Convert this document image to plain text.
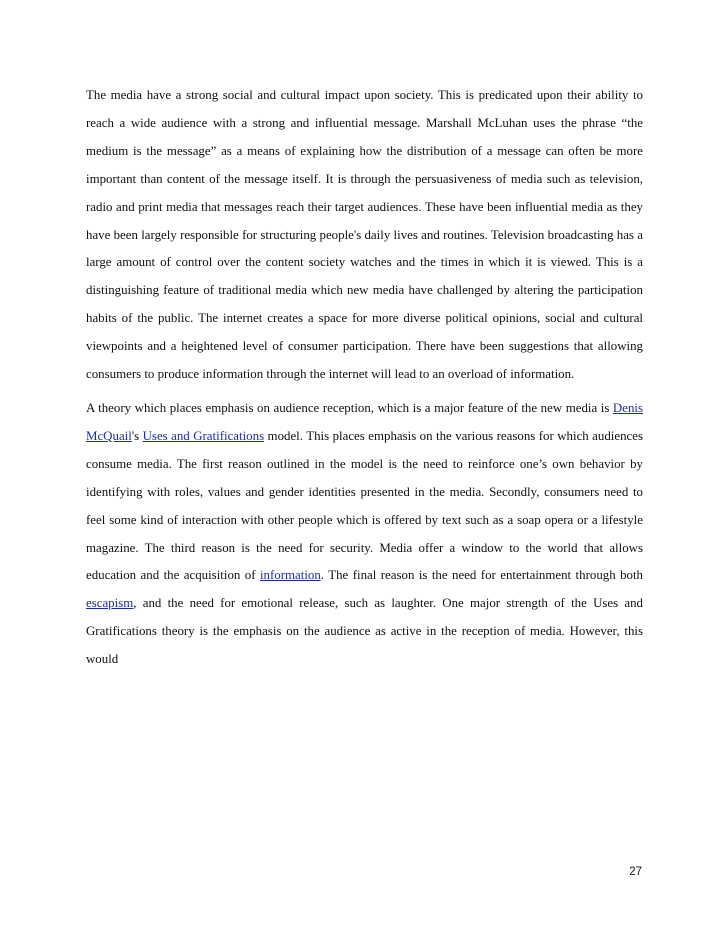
The media have a strong social and cultural impact upon society. This is predicated upon their ability to reach a wide audience with a strong and influential message. Marshall McLuhan uses the phrase “the medium is the message” as a means of explaining how the distribution of a message can often be more important than content of the message itself. It is through the persuasiveness of media such as television, radio and print media that messages reach their target audiences. These have been influential media as they have been largely responsible for structuring people's daily lives and routines. Television broadcasting has a large amount of control over the content society watches and the times in which it is viewed. This is a distinguishing feature of traditional media which new media have challenged by altering the participation habits of the public. The internet creates a space for more diverse political opinions, social and cultural viewpoints and a heightened level of consumer participation. There have been suggestions that allowing consumers to produce information through the internet will lead to an overload of information.

A theory which places emphasis on audience reception, which is a major feature of the new media is Denis McQuail's Uses and Gratifications model. This places emphasis on the various reasons for which audiences consume media. The first reason outlined in the model is the need to reinforce one’s own behavior by identifying with roles, values and gender identities presented in the media. Secondly, consumers need to feel some kind of interaction with other people which is offered by text such as a soap opera or a lifestyle magazine. The third reason is the need for security. Media offer a window to the world that allows education and the acquisition of information. The final reason is the need for entertainment through both escapism, and the need for emotional release, such as laughter. One major strength of the Uses and Gratifications theory is the emphasis on the audience as active in the reception of media. However, this would

27
